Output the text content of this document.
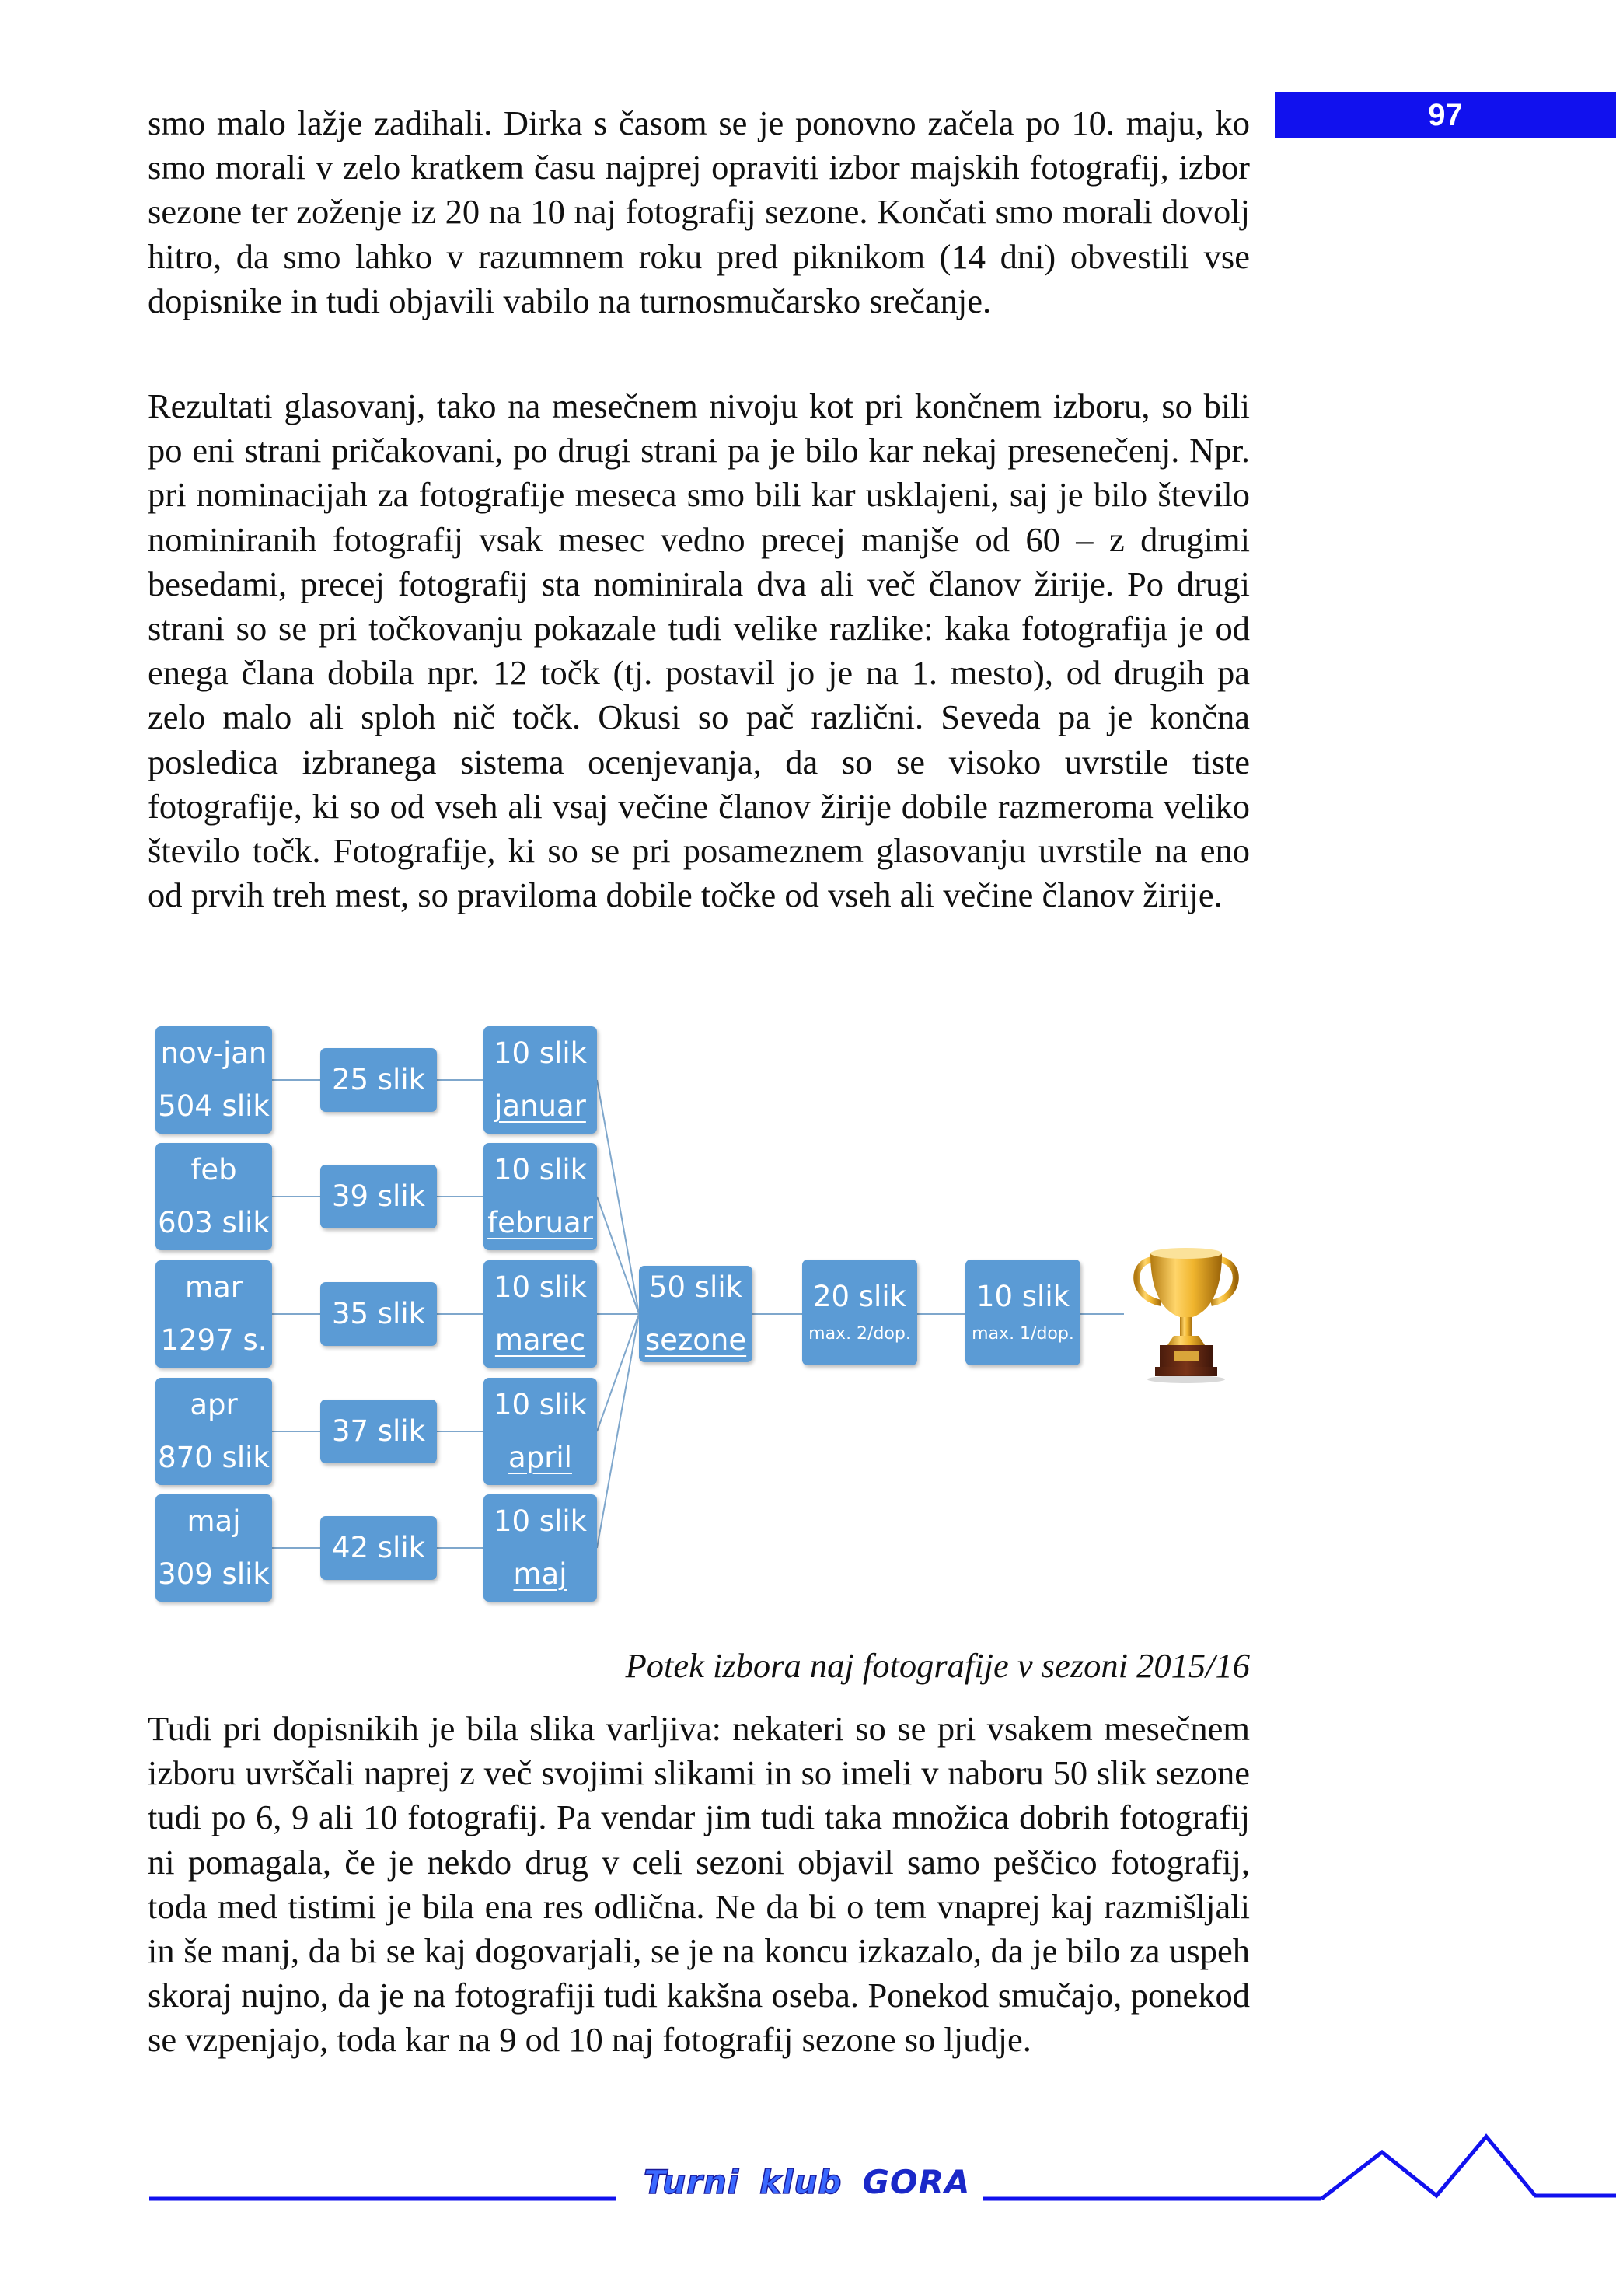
97

smo malo lažje zadihali. Dirka s časom se je ponovno začela po 10. maju, ko smo morali v zelo kratkem času najprej opraviti izbor majskih fotografij, izbor sezone ter zoženje iz 20 na 10 naj fotografij sezone. Končati smo morali dovolj hitro, da smo lahko v razumnem roku pred piknikom (14 dni) obvestili vse dopisnike in tudi objavili vabilo na turnosmučarsko srečanje.

Rezultati glasovanj, tako na mesečnem nivoju kot pri končnem izboru, so bili po eni strani pričakovani, po drugi strani pa je bilo kar nekaj presenečenj. Npr. pri nominacijah za fotografije meseca smo bili kar usklajeni, saj je bilo število nominiranih fotografij vsak mesec vedno precej manjše od 60 – z drugimi besedami, precej fotografij sta nominirala dva ali več članov žirije. Po drugi strani so se pri točkovanju pokazale tudi velike razlike: kaka fotografija je od enega člana dobila npr. 12 točk (tj. postavil jo je na 1. mesto), od drugih pa zelo malo ali sploh nič točk. Okusi so pač različni. Seveda pa je končna posledica izbranega sistema ocenjevanja, da so se visoko uvrstile tiste fotografije, ki so od vseh ali vsaj večine članov žirije dobile razmeroma veliko število točk. Fotografije, ki so se pri posameznem glasovanju uvrstile na eno od prvih treh mest, so praviloma dobile točke od vseh ali večine članov žirije.

nov-jan
504 slik
25 slik
10 slik
januar
feb
603 slik
39 slik
10 slik
februar
mar
1297 s.
35 slik
10 slik
marec
apr
870 slik
37 slik
10 slik
april
maj
309 slik
42 slik
10 slik
maj
50 slik
sezone
20 slik
max. 2/dop.
10 slik
max. 1/dop.
Potek izbora naj fotografije v sezoni 2015/16

Tudi pri dopisnikih je bila slika varljiva: nekateri so se pri vsakem mesečnem izboru uvrščali naprej z več svojimi slikami in so imeli v naboru 50 slik sezone tudi po 6, 9 ali 10 fotografij. Pa vendar jim tudi taka množica dobrih fotografij ni pomagala, če je nekdo drug v celi sezoni objavil samo peščico fotografij, toda med tistimi je bila ena res odlična. Ne da bi o tem vnaprej kaj razmišljali in še manj, da bi se kaj dogovarjali, se je na koncu izkazalo, da je bilo za uspeh skoraj nujno, da je na fotografiji tudi kakšna oseba. Ponekod smučajo, ponekod se vzpenjajo, toda kar na 9 od 10 naj fotografij sezone so ljudje.

Turni klub GORA
